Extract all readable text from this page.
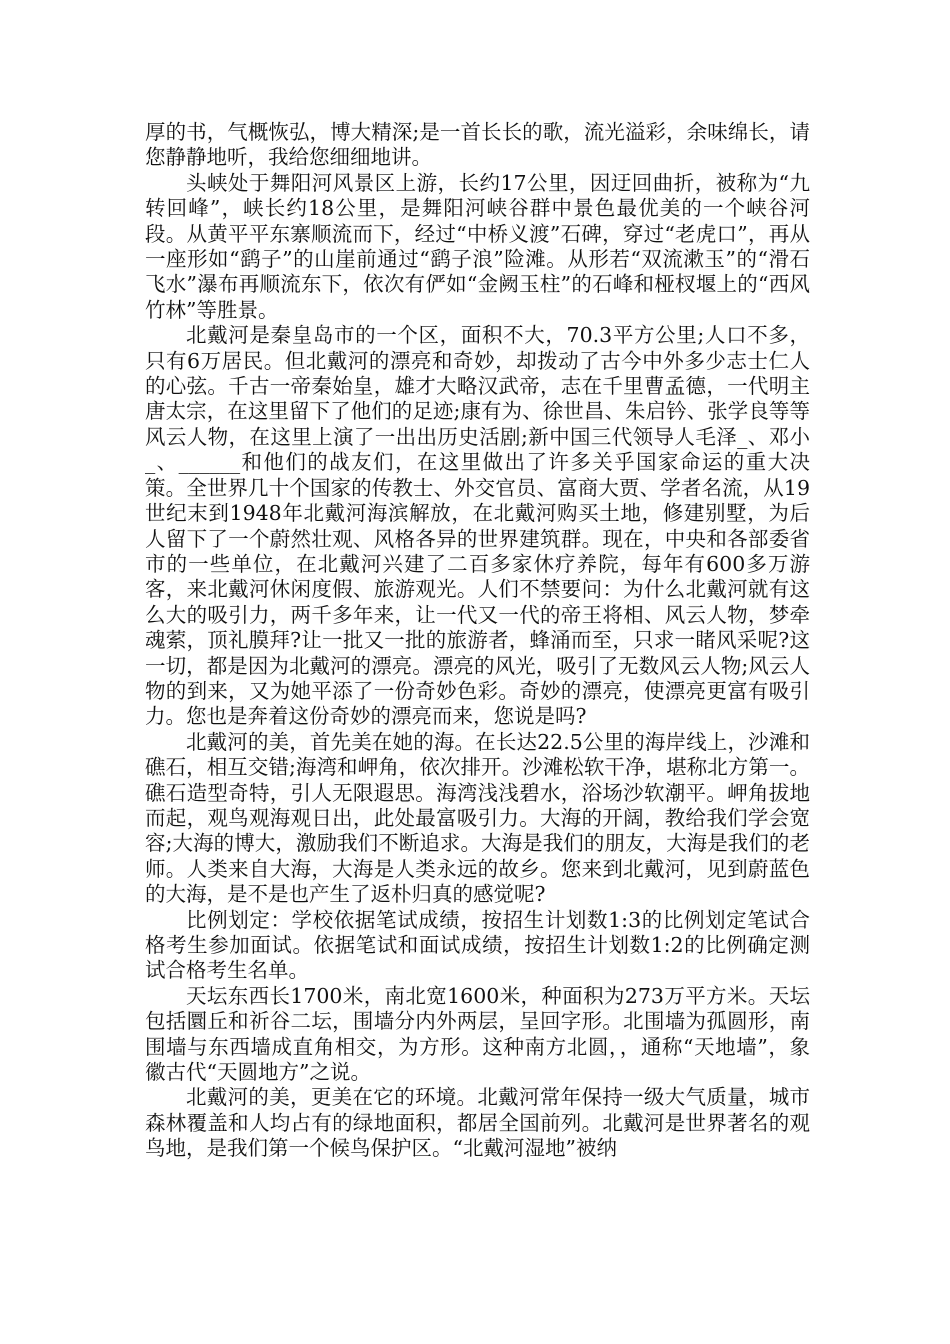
厚的书，气概恢弘，博大精深;是一首长长的歌，流光溢彩，余味绵长，请您静静地听，我给您细细地讲。

头峡处于舞阳河风景区上游，长约17公里，因迂回曲折，被称为“九转回峰”，峡长约18公里，是舞阳河峡谷群中景色最优美的一个峡谷河段。从黄平平东寨顺流而下，经过“中桥义渡”石碑，穿过“老虎口”，再从一座形如“鹞子”的山崖前通过“鹞子浪”险滩。从形若“双流漱玉”的“滑石飞水”瀑布再顺流东下，依次有俨如“金阙玉柱”的石峰和桠杈堰上的“西风竹林”等胜景。

北戴河是秦皇岛市的一个区，面积不大，70.3平方公里;人口不多，只有6万居民。但北戴河的漂亮和奇妙，却拨动了古今中外多少志士仁人的心弦。千古一帝秦始皇，雄才大略汉武帝，志在千里曹孟德，一代明主唐太宗，在这里留下了他们的足迹;康有为、徐世昌、朱启钤、张学良等等风云人物，在这里上演了一出出历史活剧;新中国三代领导人毛泽_、邓小_、______和他们的战友们，在这里做出了许多关乎国家命运的重大决策。全世界几十个国家的传教士、外交官员、富商大贾、学者名流，从19世纪末到1948年北戴河海滨解放，在北戴河购买土地，修建别墅，为后人留下了一个蔚然壮观、风格各异的世界建筑群。现在，中央和各部委省市的一些单位，在北戴河兴建了二百多家休疗养院，每年有600多万游客，来北戴河休闲度假、旅游观光。人们不禁要问：为什么北戴河就有这么大的吸引力，两千多年来，让一代又一代的帝王将相、风云人物，梦牵魂萦，顶礼膜拜?让一批又一批的旅游者，蜂涌而至，只求一睹风采呢?这一切，都是因为北戴河的漂亮。漂亮的风光，吸引了无数风云人物;风云人物的到来，又为她平添了一份奇妙色彩。奇妙的漂亮，使漂亮更富有吸引力。您也是奔着这份奇妙的漂亮而来，您说是吗?

北戴河的美，首先美在她的海。在长达22.5公里的海岸线上，沙滩和礁石，相互交错;海湾和岬角，依次排开。沙滩松软干净，堪称北方第一。礁石造型奇特，引人无限遐思。海湾浅浅碧水，浴场沙软潮平。岬角拔地而起，观鸟观海观日出，此处最富吸引力。大海的开阔，教给我们学会宽容;大海的博大，激励我们不断追求。大海是我们的朋友，大海是我们的老师。人类来自大海，大海是人类永远的故乡。您来到北戴河，见到蔚蓝色的大海，是不是也产生了返朴归真的感觉呢?

比例划定：学校依据笔试成绩，按招生计划数1:3的比例划定笔试合格考生参加面试。依据笔试和面试成绩，按招生计划数1:2的比例确定测试合格考生名单。

天坛东西长1700米，南北宽1600米，种面积为273万平方米。天坛包括圜丘和祈谷二坛，围墙分内外两层，呈回字形。北围墙为孤圆形，南围墙与东西墙成直角相交，为方形。这种南方北圆，，通称“天地墙”，象徽古代“天圆地方”之说。

北戴河的美，更美在它的环境。北戴河常年保持一级大气质量，城市森林覆盖和人均占有的绿地面积，都居全国前列。北戴河是世界著名的观鸟地，是我们第一个候鸟保护区。“北戴河湿地”被纳
